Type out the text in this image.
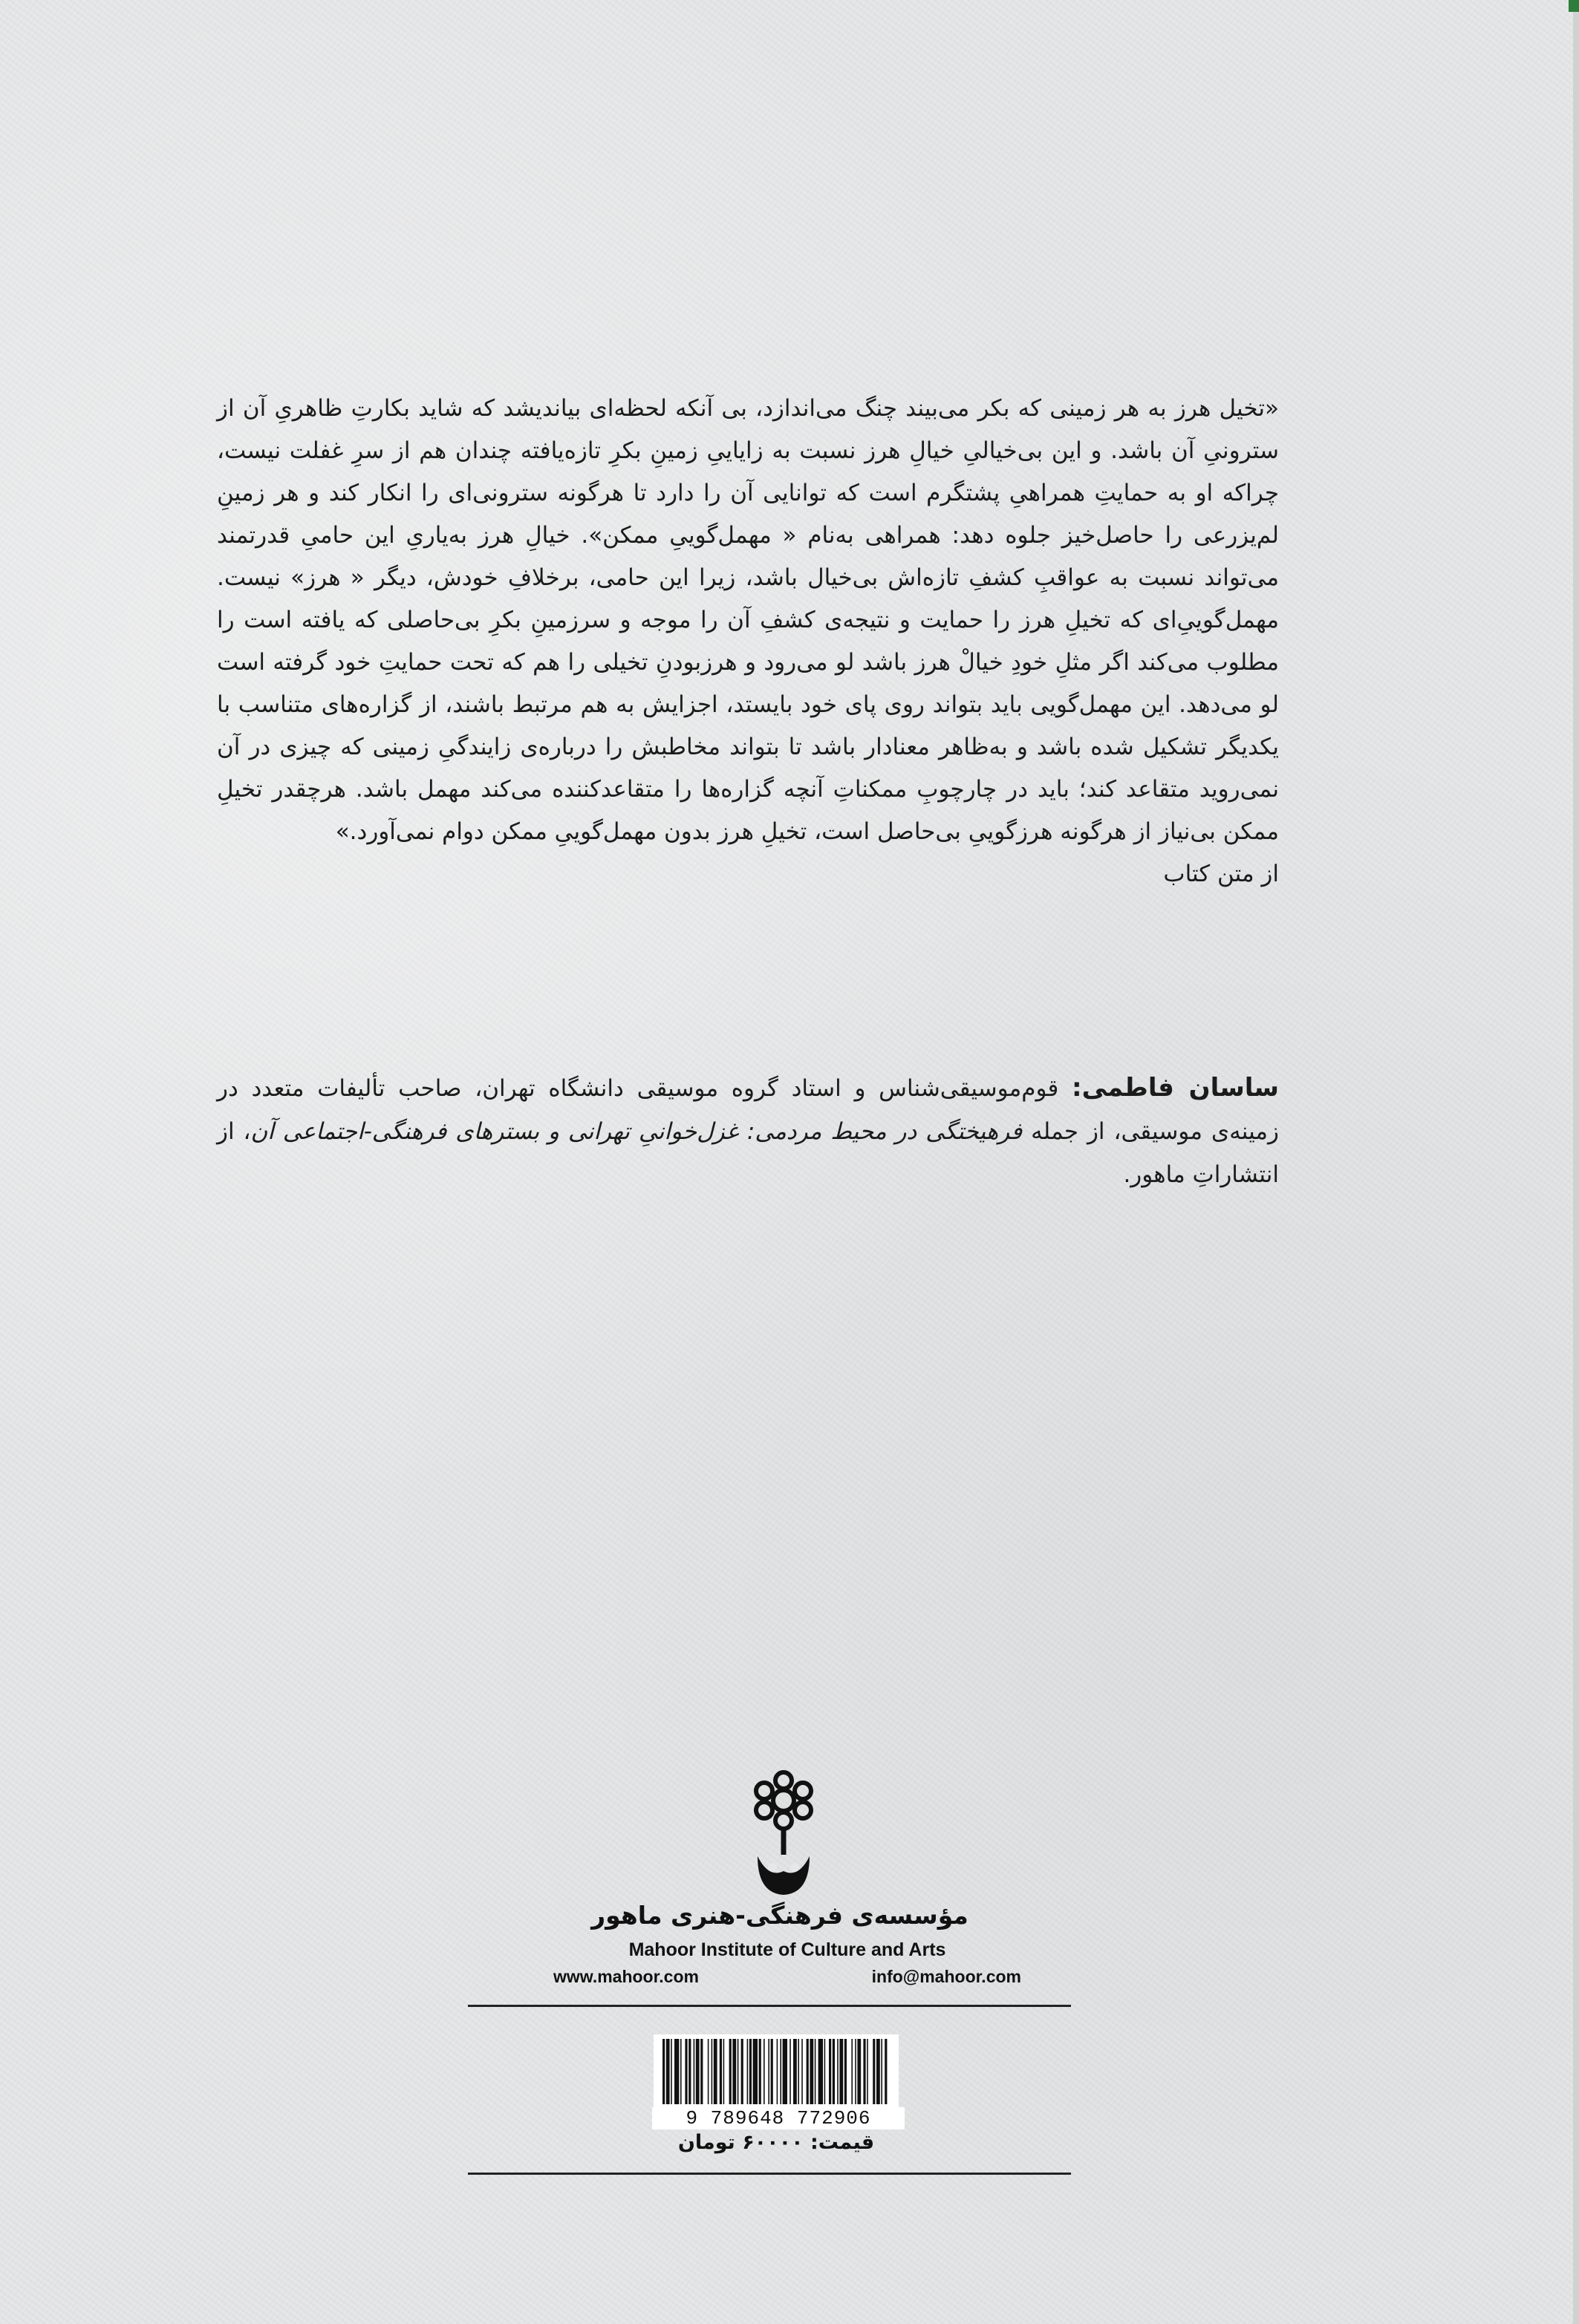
«تخیل هرز به هر زمینی که بکر می‌بیند چنگ می‌اندازد، بی آنکه لحظه‌ای بیاندیشد که شاید بکارتِ ظاهریِ آن از سترونیِ آن باشد. و این بی‌خیالیِ خیالِ هرز نسبت به زایاییِ زمینِ بکرِ تازه‌یافته چندان هم از سرِ غفلت نیست، چراکه او به حمایتِ همراهیِ پشتگرم است که توانایی آن را دارد تا هرگونه سترونی‌ای را انکار کند و هر زمینِ لم‌یزرعی را حاصل‌خیز جلوه دهد: همراهی به‌نام « مهمل‌گوییِ ممکن». خیالِ هرز به‌یاریِ این حامیِ قدرتمند می‌تواند نسبت به عواقبِ کشفِ تازه‌اش بی‌خیال باشد، زیرا این حامی، برخلافِ خودش، دیگر « هرز» نیست. مهمل‌گوییِ‌ای که تخیلِ هرز را حمایت و نتیجه‌ی کشفِ آن را موجه و سرزمینِ بکرِ بی‌حاصلی که یافته است را مطلوب می‌کند اگر مثلِ خودِ خیالْ هرز باشد لو می‌رود و هرزبودنِ تخیلی را هم که تحت حمایتِ خود گرفته است لو می‌دهد. این مهمل‌گویی باید بتواند روی پای خود بایستد، اجزایش به هم مرتبط باشند، از گزاره‌های متناسب با یکدیگر تشکیل شده باشد و به‌ظاهر معنادار باشد تا بتواند مخاطبش را درباره‌ی زایندگیِ زمینی که چیزی در آن نمی‌روید متقاعد کند؛ باید در چارچوبِ ممکناتِ آنچه گزاره‌ها را متقاعدکننده می‌کند مهمل باشد. هرچقدر تخیلِ ممکن بی‌نیاز از هرگونه هرزگوییِ بی‌حاصل است، تخیلِ هرز بدون مهمل‌گوییِ ممکن دوام نمی‌آورد.»

از متن کتاب

ساسان فاطمی: قوم‌موسیقی‌شناس و استاد گروه موسیقی دانشگاه تهران، صاحب تألیفات متعدد در زمینه‌ی موسیقی، از جمله فرهیختگی در محیط مردمی: غزل‌خوانیِ تهرانی و بسترهای فرهنگی-اجتماعی آن، از انتشاراتِ ماهور.
مؤسسه‌ی فرهنگی-هنری ماهور
Mahoor Institute of Culture and Arts
www.mahoor.com	info@mahoor.com
9 789648 772906
قیمت: ۶۰۰۰۰ تومان
